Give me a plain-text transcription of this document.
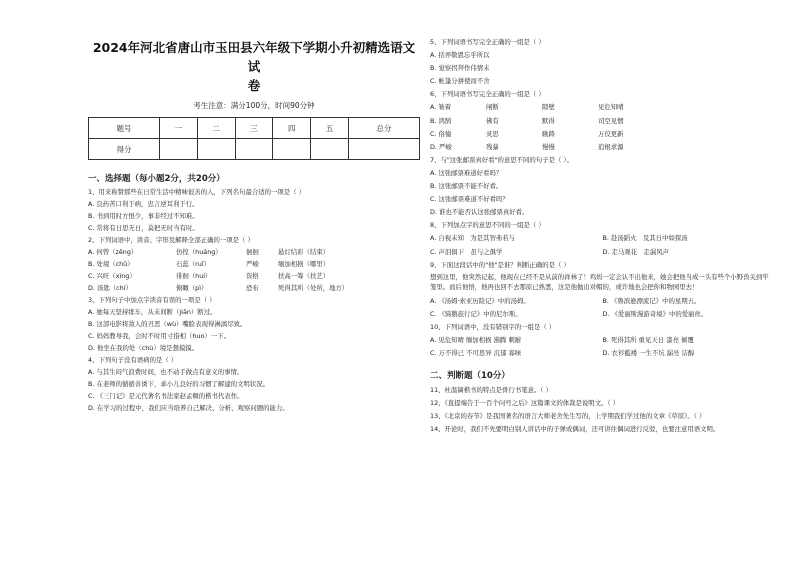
2024年河北省唐山市玉田县六年级下学期小升初精选语文试
卷
考生注意：满分100分，时间90分钟
题号	一	二	三	四	五	总分
得分						
一、选择题（每小题2分，共20分）

1、用来称赞那些在日常生活中精味很善的人，下列名句最合适的一项是（ ）

A. 良药苦口利于病，忠言逆耳利于行。

B. 书到用时方恨少，事非经过不知难。

C. 常将有日思无日，莫把无时当有时。

2、下列词语中，读音、字形及解释全部正确的一项是（ ）

A. 何曾（zēng）	仿徨（huáng）	徊徊	悬灯结彩（结束）
B. 处境（chǔ）	石蕊（ruǐ）	严峻	缅加相损（哪里）
C. 兴旺（xìng）	徘徊（huí）	资格	扶高一筹（扶艺）
D. 汤匙（chí）	俯瞰（pì）	恐布	死得其所（处所，地方）

3、下列句子中加点字读音有误的一项是（ ）

A. 她每天坚持练车，从未间断（jiān）断过。

B. 这部电影将敌人的丑恶（wù）嘴脸表现得淋漓尽致。

C. 妈妈教导我，会时不时用寸指相（huo）一下。

D. 他坐在我的处（chù）境是想摸摸。

4、下列句子没有语病的是（ ）

A. 与其生闷气浪费时间，也不动手做点有意义的事情。

B. 在老师的循循善诱下，乖小儿良好的习惯了解建的文明状况。

C. 《三门记》是元代著名书法家赵孟頫的楷书代表作。

D. 在学习的过程中，我们应当培养自己解决、分析、观察问题的能力。

5、下列词语书写完全正确的一组是（ ）

A. 括弄敬恩忘乎所以

B. 觉察拐拜作伟情未

C. 帐篷分拼使而不舍

6、下列词语书写完全正确的一组是（ ）

A. 皱着	闸断	隙壁	见危知晴
B. 鸿鹄	佛有	默得	司空见惯
C. 俗憧	灵思	瞅踌	万佼更新
D. 严峻	残暴	慢慢	追根求源

7、与"这张邮票真好看"的意思不同的句子是（ ）。

A. 这张邮票难道好看吗？

B. 这张邮票不能不好看。

C. 这张邮票难道不好看吗？

D. 谁也不能否认这张邮票真好看。

8、下列加点字的意思不同的一组是（ ）

A. 自视未知　为是其智弗若与	B. 赴汤蹈火　及其日中如探汤
C. 声泪俱下　虽与之俱学	D. 走马观花　走漏风声

9、下面这段话中的"他"是谁？判断正确的是（ ）

想到这里，他突然记起，他现在已经不是从前的祥林了！鸡妈一定会认不出他来，她会把他当成一头有些个小野兽关到牢笼里。而后他悟，他再也回不去那原已熟悉，这是他抛出对帽的，或许地也会把你和物园里去！

A. 《汤姆·索亚历险记》中的汤姆。	B. 《鲁滨逊漂流记》中的星期五。
C. 《骑鹅旅行记》中的尼尔斯。	D. 《爱丽斯漫游奇境》中的爱丽丝。

10、下列词语中，没有错别字的一组是（ ）

A. 见危知晴 缅加相损 沸腾 刺耐	B. 死得其所 重见天日 漆亮 倾覆
C. 万不得已 不可思异 沉郁 寡味	D. 衣衫褴褛 一生不坑 漏亮 诘醇
二、判断题（10分）

11、杜温镝楷书的特点是骨行书笔意。（ ）

12、《直提端告于一百个问号之后》这篇课文的体裁是说明文。（ ）

13、《北京的春节》是我国著名的语言大师老舍先生写的，上学期我们学过他的文章《草原》。（ ）

14、开论时，我们不先要明白别人讲话中的子弹或偶词，还可讲住偶词进行反驳，也要注意用语文明。
